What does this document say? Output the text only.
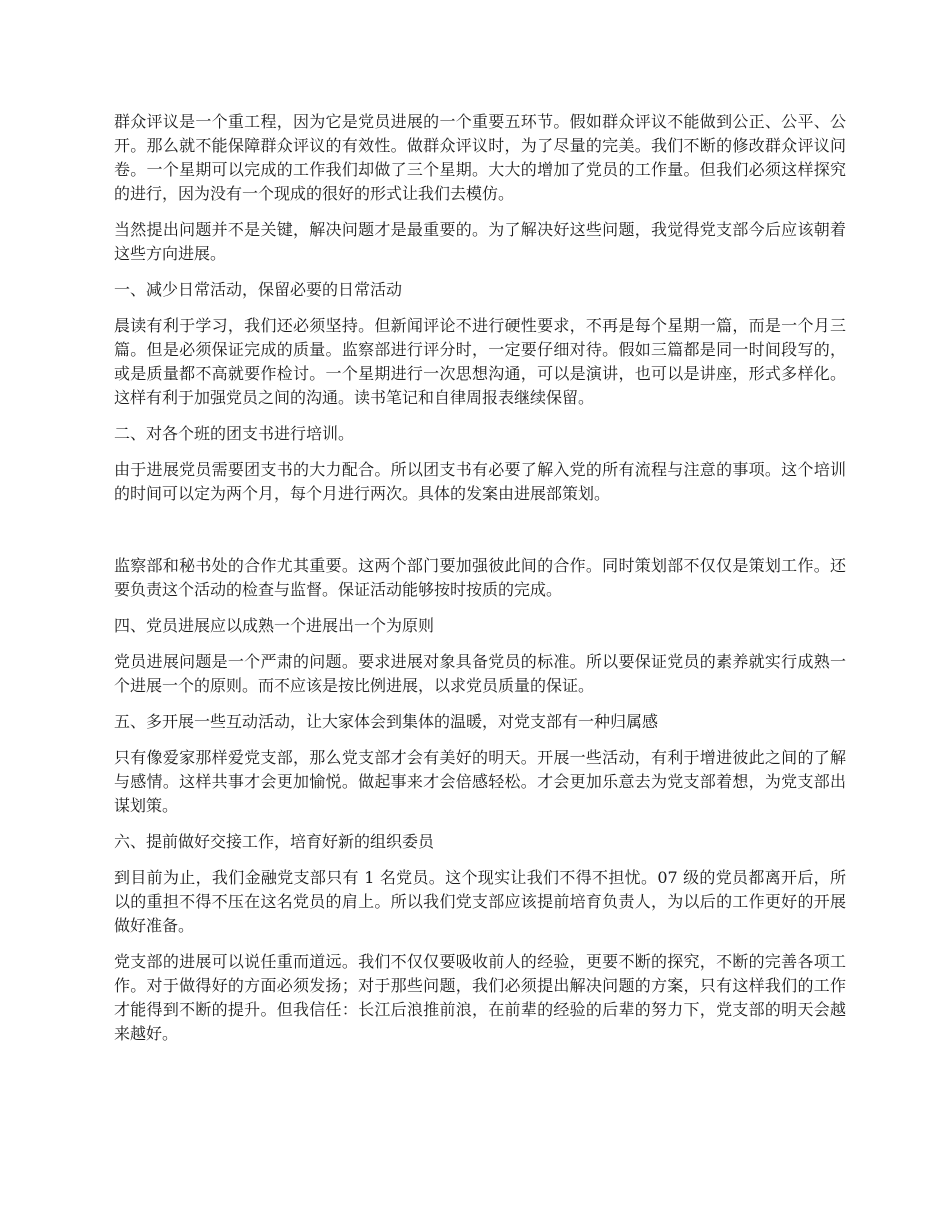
群众评议是一个重工程，因为它是党员进展的一个重要五环节。假如群众评议不能做到公正、公平、公开。那么就不能保障群众评议的有效性。做群众评议时，为了尽量的完美。我们不断的修改群众评议问卷。一个星期可以完成的工作我们却做了三个星期。大大的增加了党员的工作量。但我们必须这样探究的进行，因为没有一个现成的很好的形式让我们去模仿。

当然提出问题并不是关键，解决问题才是最重要的。为了解决好这些问题，我觉得党支部今后应该朝着这些方向进展。

一、减少日常活动，保留必要的日常活动

晨读有利于学习，我们还必须坚持。但新闻评论不进行硬性要求，不再是每个星期一篇，而是一个月三篇。但是必须保证完成的质量。监察部进行评分时，一定要仔细对待。假如三篇都是同一时间段写的，或是质量都不高就要作检讨。一个星期进行一次思想沟通，可以是演讲，也可以是讲座，形式多样化。这样有利于加强党员之间的沟通。读书笔记和自律周报表继续保留。

二、对各个班的团支书进行培训。

由于进展党员需要团支书的大力配合。所以团支书有必要了解入党的所有流程与注意的事项。这个培训的时间可以定为两个月，每个月进行两次。具体的发案由进展部策划。

监察部和秘书处的合作尤其重要。这两个部门要加强彼此间的合作。同时策划部不仅仅是策划工作。还要负责这个活动的检查与监督。保证活动能够按时按质的完成。

四、党员进展应以成熟一个进展出一个为原则

党员进展问题是一个严肃的问题。要求进展对象具备党员的标准。所以要保证党员的素养就实行成熟一个进展一个的原则。而不应该是按比例进展，以求党员质量的保证。

五、多开展一些互动活动，让大家体会到集体的温暖，对党支部有一种归属感

只有像爱家那样爱党支部，那么党支部才会有美好的明天。开展一些活动，有利于增进彼此之间的了解与感情。这样共事才会更加愉悦。做起事来才会倍感轻松。才会更加乐意去为党支部着想，为党支部出谋划策。

六、提前做好交接工作，培育好新的组织委员

到目前为止，我们金融党支部只有 1 名党员。这个现实让我们不得不担忧。07 级的党员都离开后，所以的重担不得不压在这名党员的肩上。所以我们党支部应该提前培育负责人，为以后的工作更好的开展做好准备。

党支部的进展可以说任重而道远。我们不仅仅要吸收前人的经验，更要不断的探究，不断的完善各项工作。对于做得好的方面必须发扬；对于那些问题，我们必须提出解决问题的方案，只有这样我们的工作才能得到不断的提升。但我信任：长江后浪推前浪，在前辈的经验的后辈的努力下，党支部的明天会越来越好。
